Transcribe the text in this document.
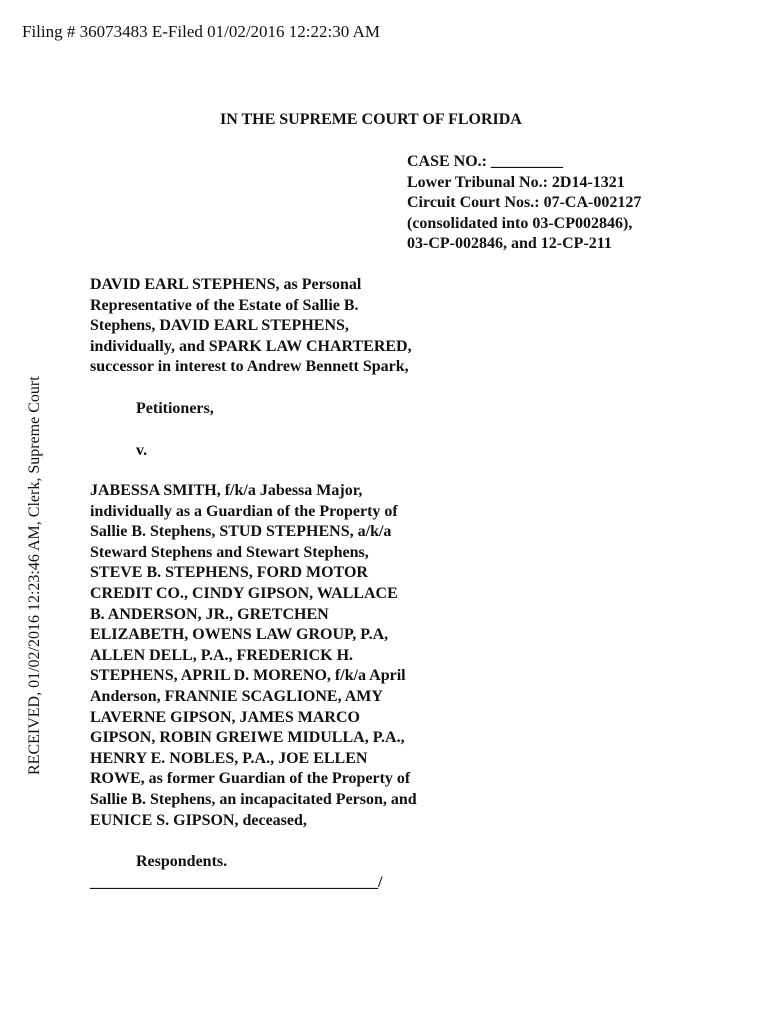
Filing # 36073483 E-Filed 01/02/2016 12:22:30 AM
RECEIVED, 01/02/2016 12:23:46 AM, Clerk, Supreme Court
IN THE SUPREME COURT OF FLORIDA
CASE NO.: _________
Lower Tribunal No.: 2D14-1321
Circuit Court Nos.: 07-CA-002127
(consolidated into 03-CP002846),
03-CP-002846, and 12-CP-211
DAVID EARL STEPHENS, as Personal
Representative of the Estate of Sallie B.
Stephens, DAVID EARL STEPHENS,
individually, and SPARK LAW CHARTERED,
successor in interest to Andrew Bennett Spark,
Petitioners,
v.
JABESSA SMITH, f/k/a Jabessa Major,
individually as a Guardian of the Property of
Sallie B. Stephens, STUD STEPHENS, a/k/a
Steward Stephens and Stewart Stephens,
STEVE B. STEPHENS, FORD MOTOR
CREDIT CO., CINDY GIPSON, WALLACE
B. ANDERSON, JR., GRETCHEN
ELIZABETH, OWENS LAW GROUP, P.A,
ALLEN DELL, P.A., FREDERICK H.
STEPHENS, APRIL D. MORENO, f/k/a April
Anderson, FRANNIE SCAGLIONE, AMY
LAVERNE GIPSON, JAMES MARCO
GIPSON, ROBIN GREIWE MIDULLA, P.A.,
HENRY E. NOBLES, P.A., JOE ELLEN
ROWE, as former Guardian of the Property of
Sallie B. Stephens, an incapacitated Person, and
EUNICE S. GIPSON, deceased,
Respondents.
____________________________________/
